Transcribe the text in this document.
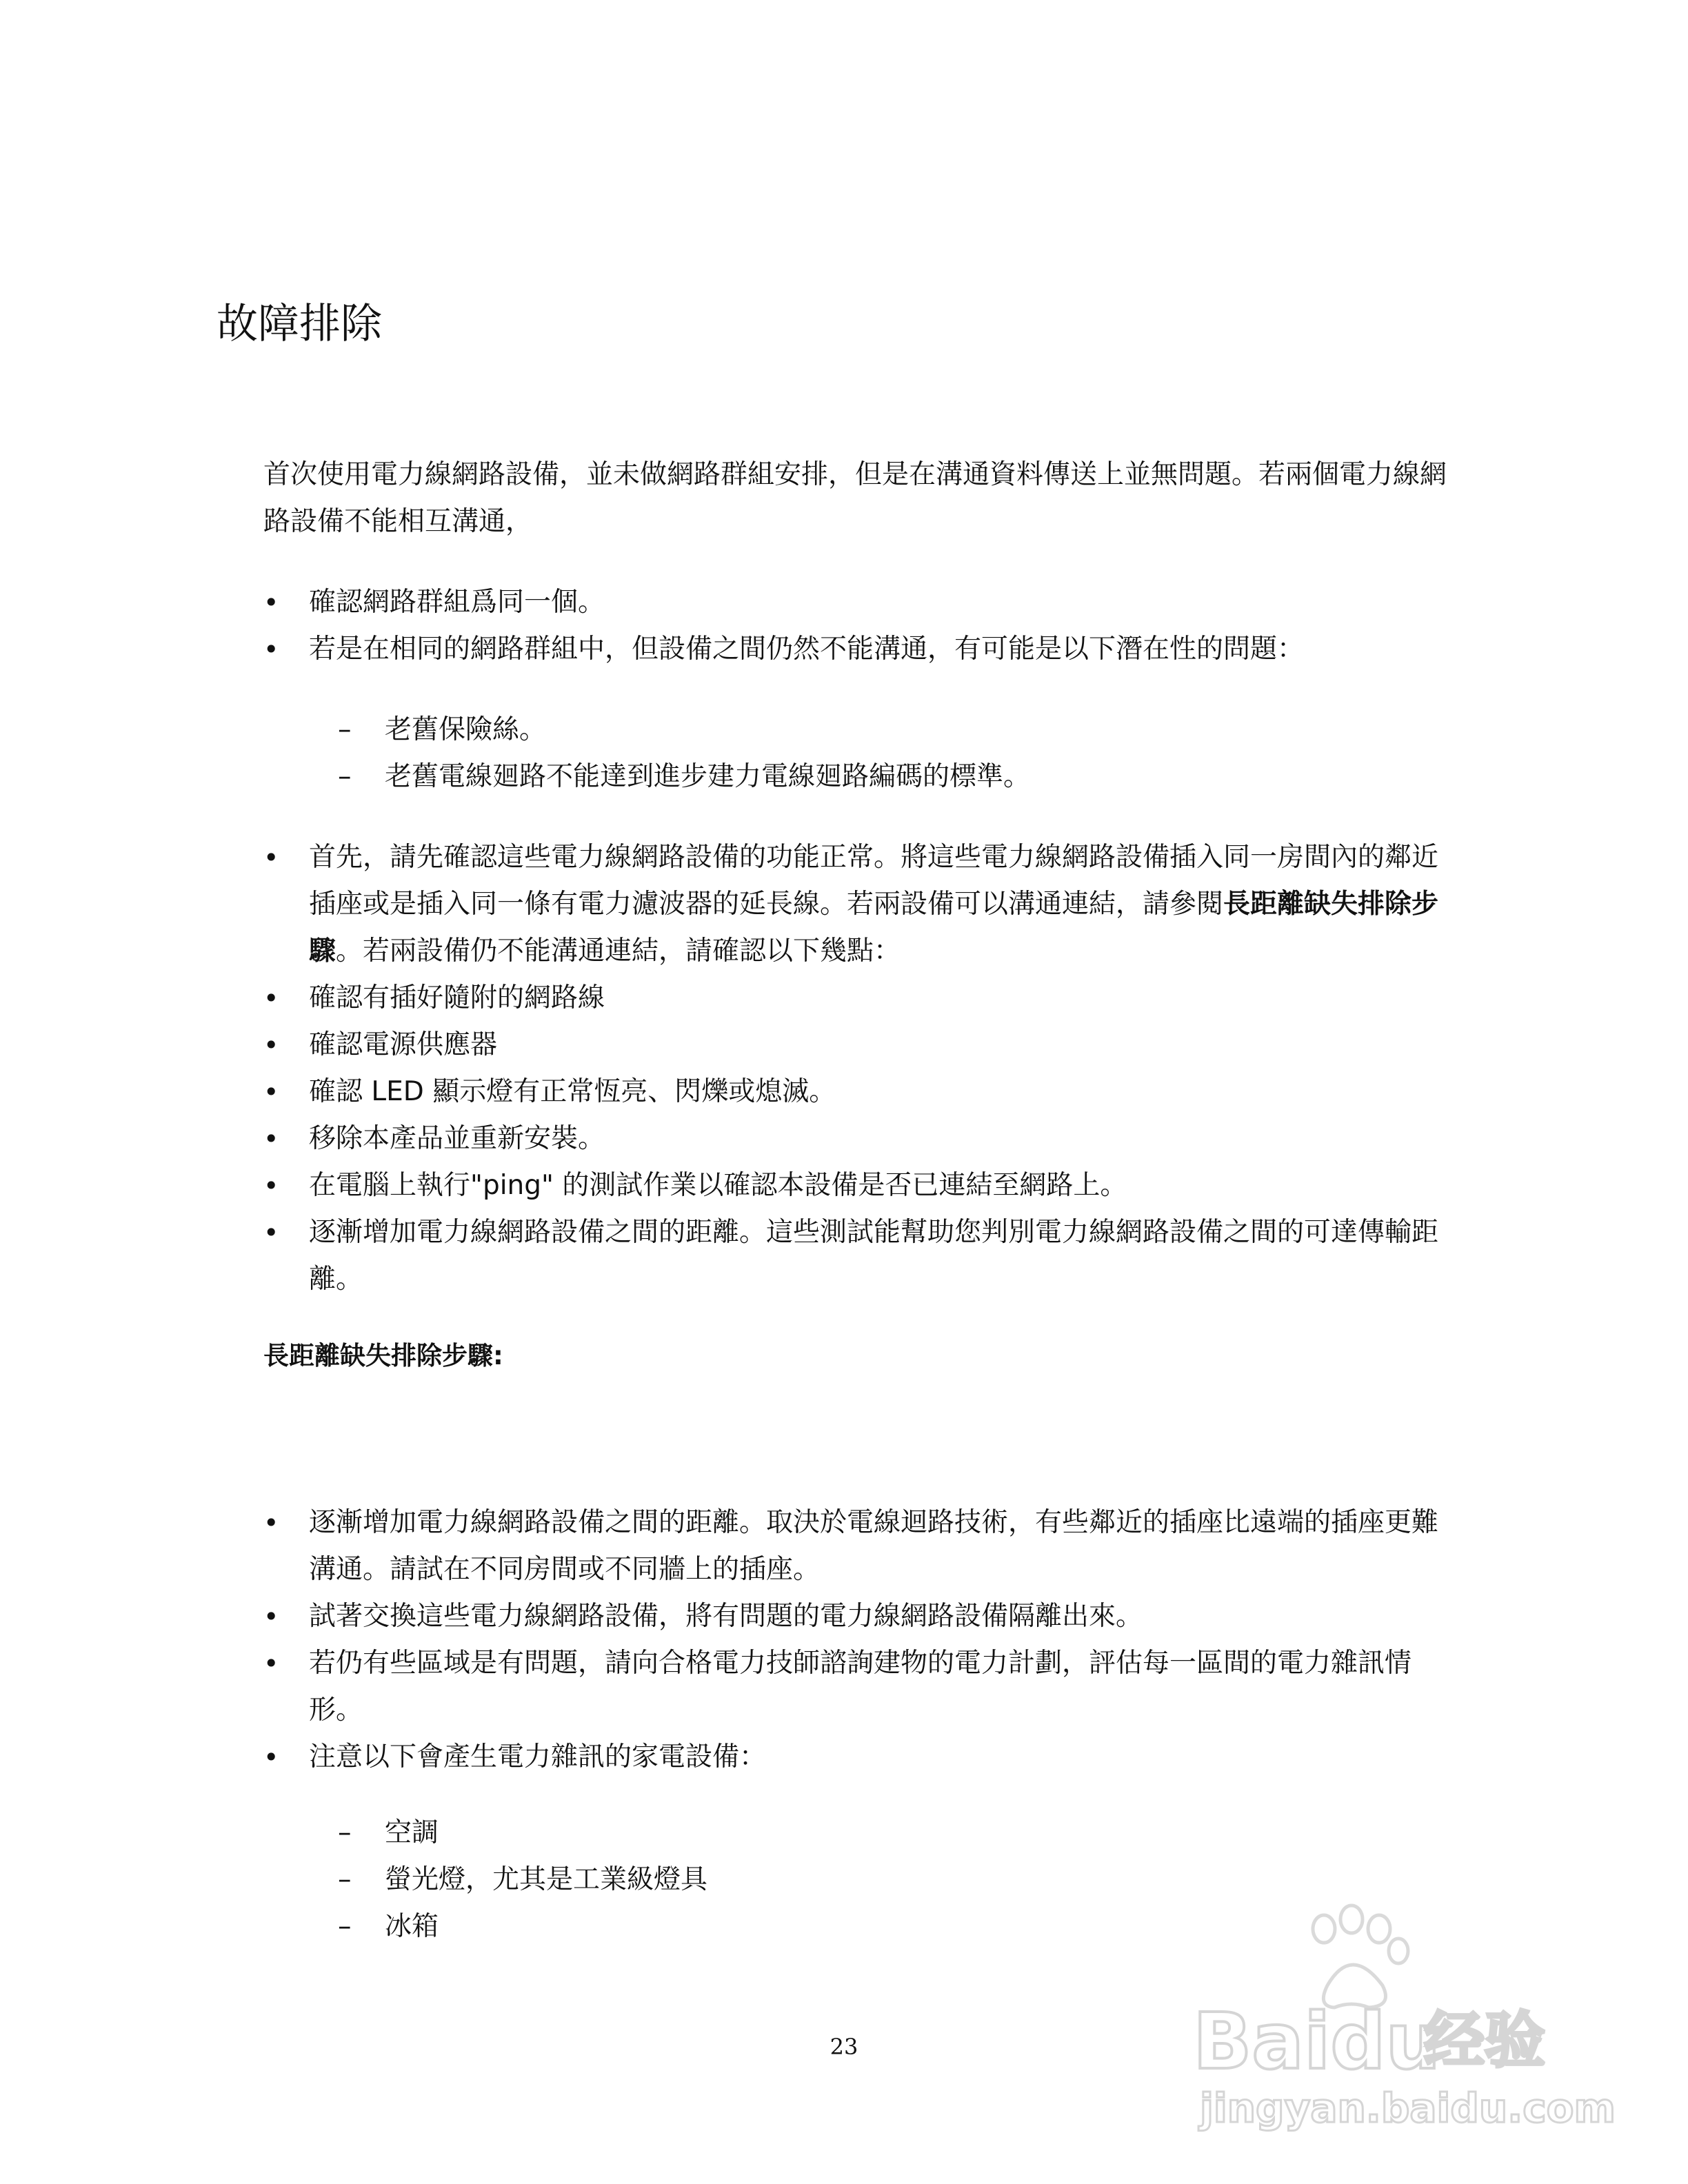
故障排除

首次使用電力線網路設備，並未做網路群組安排，但是在溝通資料傳送上並無問題。若兩個電力線網路設備不能相互溝通，

• 確認網路群組爲同一個。
• 若是在相同的網路群組中，但設備之間仍然不能溝通，有可能是以下潛在性的問題：
– 老舊保險絲。
– 老舊電線廻路不能達到進步建力電線廻路編碼的標準。
• 首先，請先確認這些電力線網路設備的功能正常。將這些電力線網路設備插入同一房間內的鄰近插座或是插入同一條有電力濾波器的延長線。若兩設備可以溝通連結，請參閱長距離缺失排除步驟。若兩設備仍不能溝通連結，請確認以下幾點：
• 確認有插好隨附的網路線
• 確認電源供應器
• 確認 LED 顯示燈有正常恆亮、閃爍或熄滅。
• 移除本產品並重新安裝。
• 在電腦上執行"ping" 的測試作業以確認本設備是否已連結至網路上。
• 逐漸增加電力線網路設備之間的距離。這些測試能幫助您判別電力線網路設備之間的可達傳輸距離。
長距離缺失排除步驟:
• 逐漸增加電力線網路設備之間的距離。取決於電線迴路技術，有些鄰近的插座比遠端的插座更難溝通。請試在不同房間或不同牆上的插座。
• 試著交換這些電力線網路設備，將有問題的電力線網路設備隔離出來。
• 若仍有些區域是有問題，請向合格電力技師諮詢建物的電力計劃，評估每一區間的電力雜訊情形。
• 注意以下會產生電力雜訊的家電設備：
– 空調
– 螢光燈，尤其是工業級燈具
– 冰箱
23	Baidu
经验
jingyan.baidu.com
